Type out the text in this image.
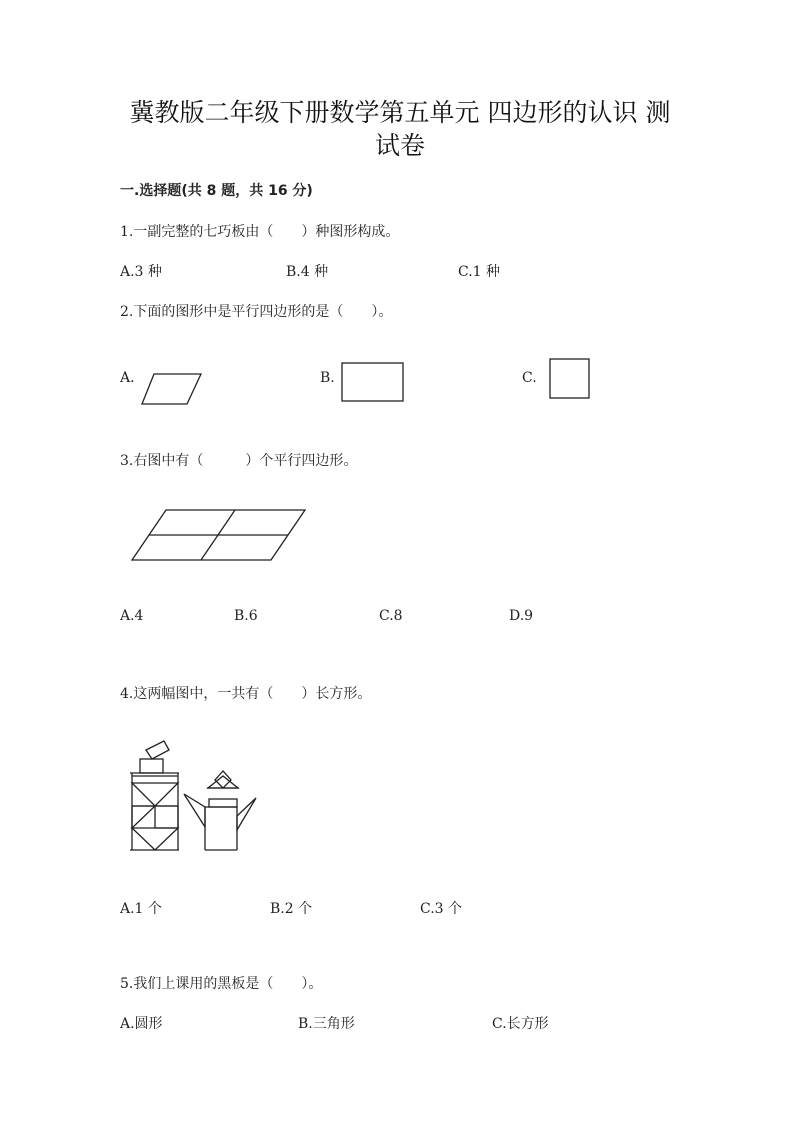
冀教版二年级下册数学第五单元 四边形的认识 测
试卷
一.选择题(共 8 题，共 16 分)
1.一副完整的七巧板由（　　）种图形构成。
A.3 种	B.4 种	C.1 种
2.下面的图形中是平行四边形的是（　　）。
A.	B.	C.
3.右图中有（　　　）个平行四边形。
A.4	B.6	C.8	D.9
4.这两幅图中，一共有（　　）长方形。
A.1 个	B.2 个	C.3 个
5.我们上课用的黑板是（　　）。
A.圆形	B.三角形	C.长方形
